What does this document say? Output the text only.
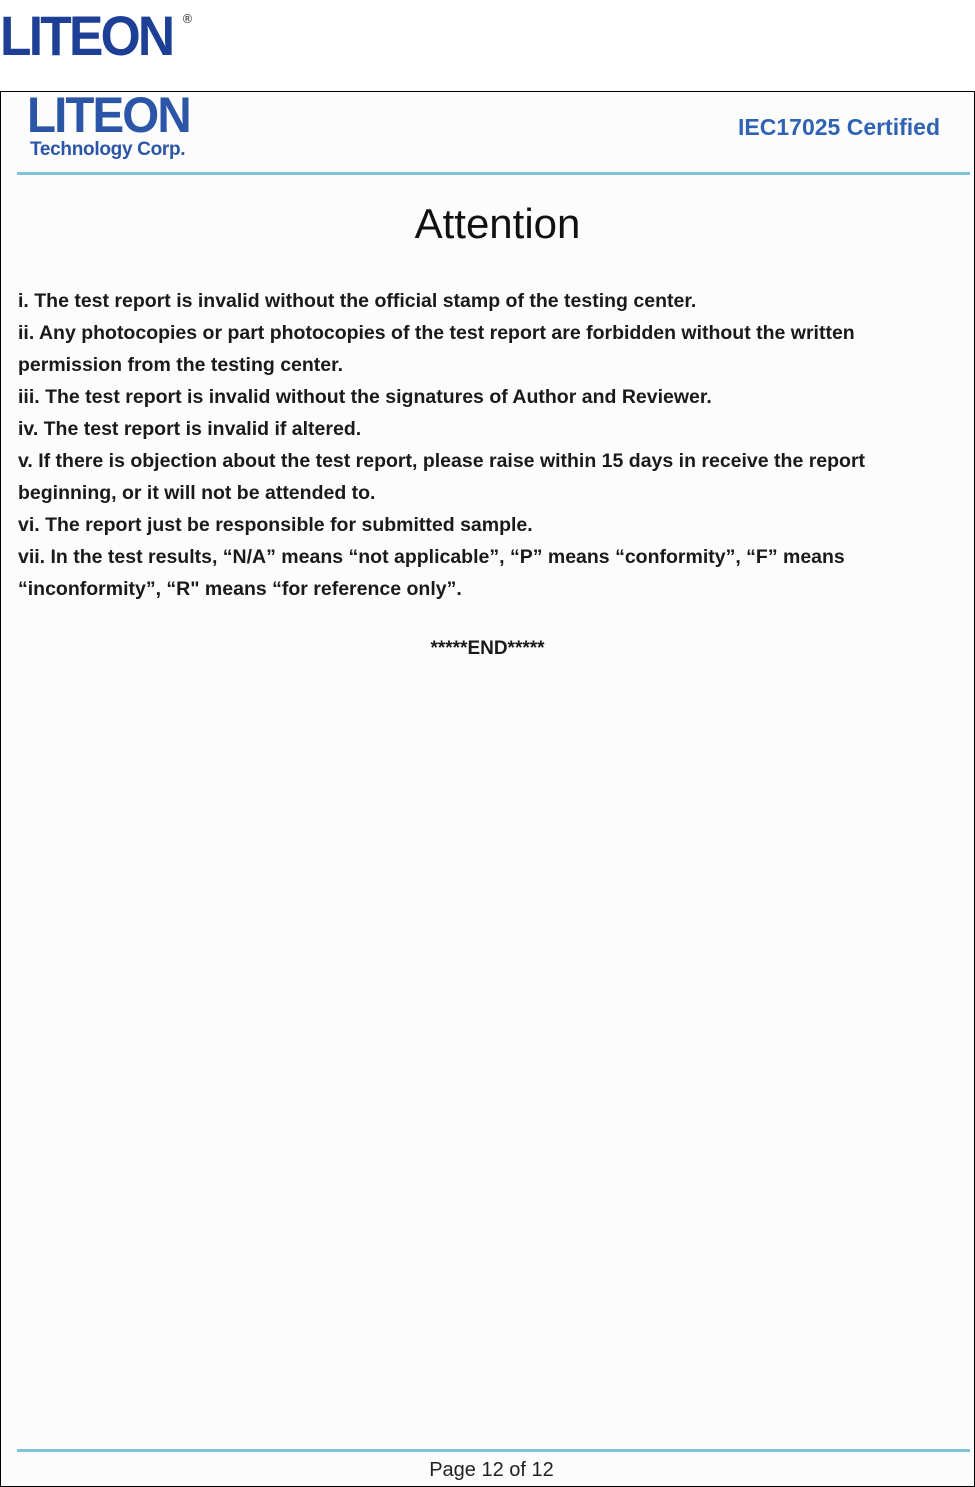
LITEON ®
LITEON
Technology Corp.
IEC17025 Certified
Attention
i. The test report is invalid without the official stamp of the testing center.
ii. Any photocopies or part photocopies of the test report are forbidden without the written permission from the testing center.
iii. The test report is invalid without the signatures of Author and Reviewer.
iv. The test report is invalid if altered.
v. If there is objection about the test report, please raise within 15 days in receive the report beginning, or it will not be attended to.
vi. The report just be responsible for submitted sample.
vii. In the test results, “N/A” means “not applicable”, “P” means “conformity”, “F” means “inconformity”, “R" means “for reference only”.
*****END*****
Page 12 of 12
